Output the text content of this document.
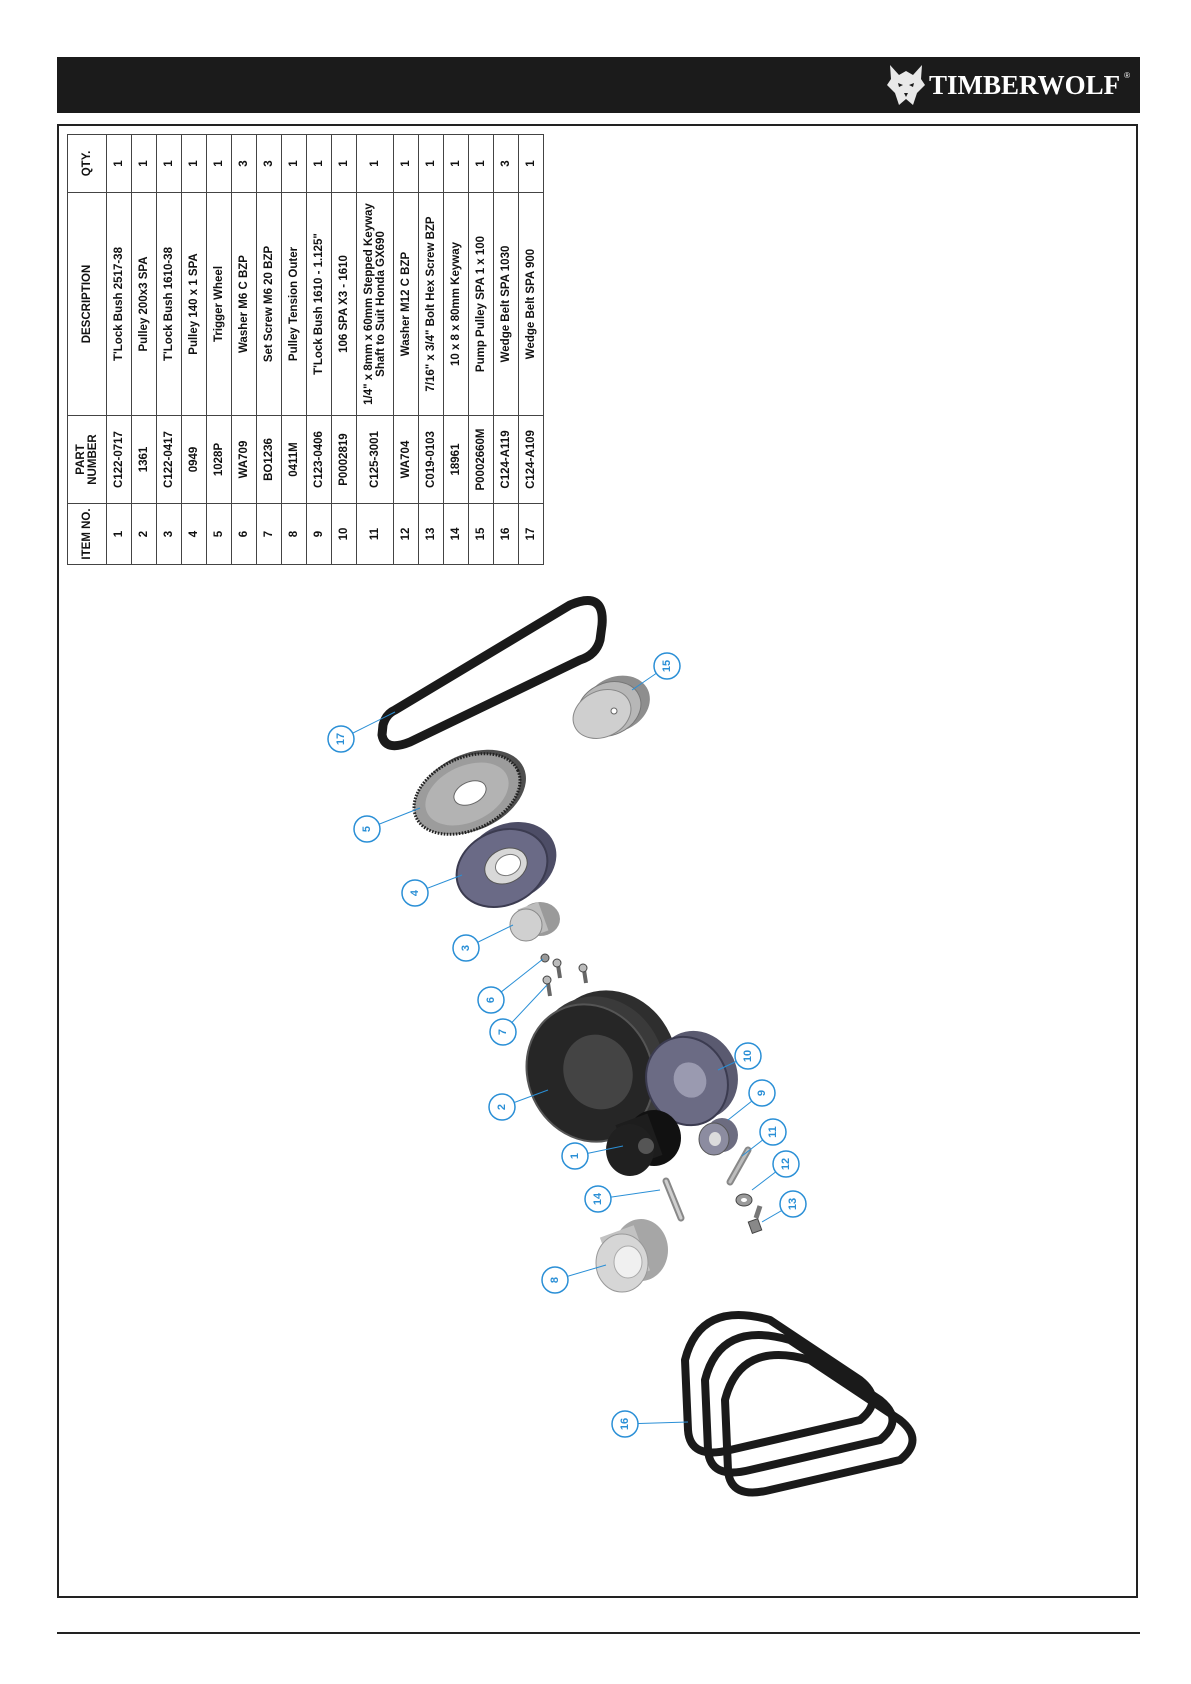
TIMBERWOLF ®
ITEM NO.	PART NUMBER	DESCRIPTION	QTY.
1	C122-0717	T'Lock Bush 2517-38	1
2	1361	Pulley 200x3 SPA	1
3	C122-0417	T'Lock Bush 1610-38	1
4	0949	Pulley 140 x 1 SPA	1
5	1028P	Trigger Wheel	1
6	WA709	Washer M6 C BZP	3
7	BO1236	Set Screw M6 20 BZP	3
8	0411M	Pulley Tension Outer	1
9	C123-0406	T'Lock Bush 1610 - 1.125"	1
10	P0002819	106 SPA X3 - 1610	1
11	C125-3001	1/4" x 8mm x 60mm Stepped Keyway Shaft to Suit Honda GX690	1
12	WA704	Washer M12 C BZP	1
13	C019-0103	7/16" x 3/4" Bolt Hex Screw BZP	1
14	18961	10 x 8 x 80mm Keyway	1
15	P0002660M	Pump Pulley SPA 1 x 100	1
16	C124-A119	Wedge Belt SPA 1030	3
17	C124-A109	Wedge Belt SPA 900	1
17
15
5
4
3
6
7
10
2
9
11
1
12
14	13
8
16
